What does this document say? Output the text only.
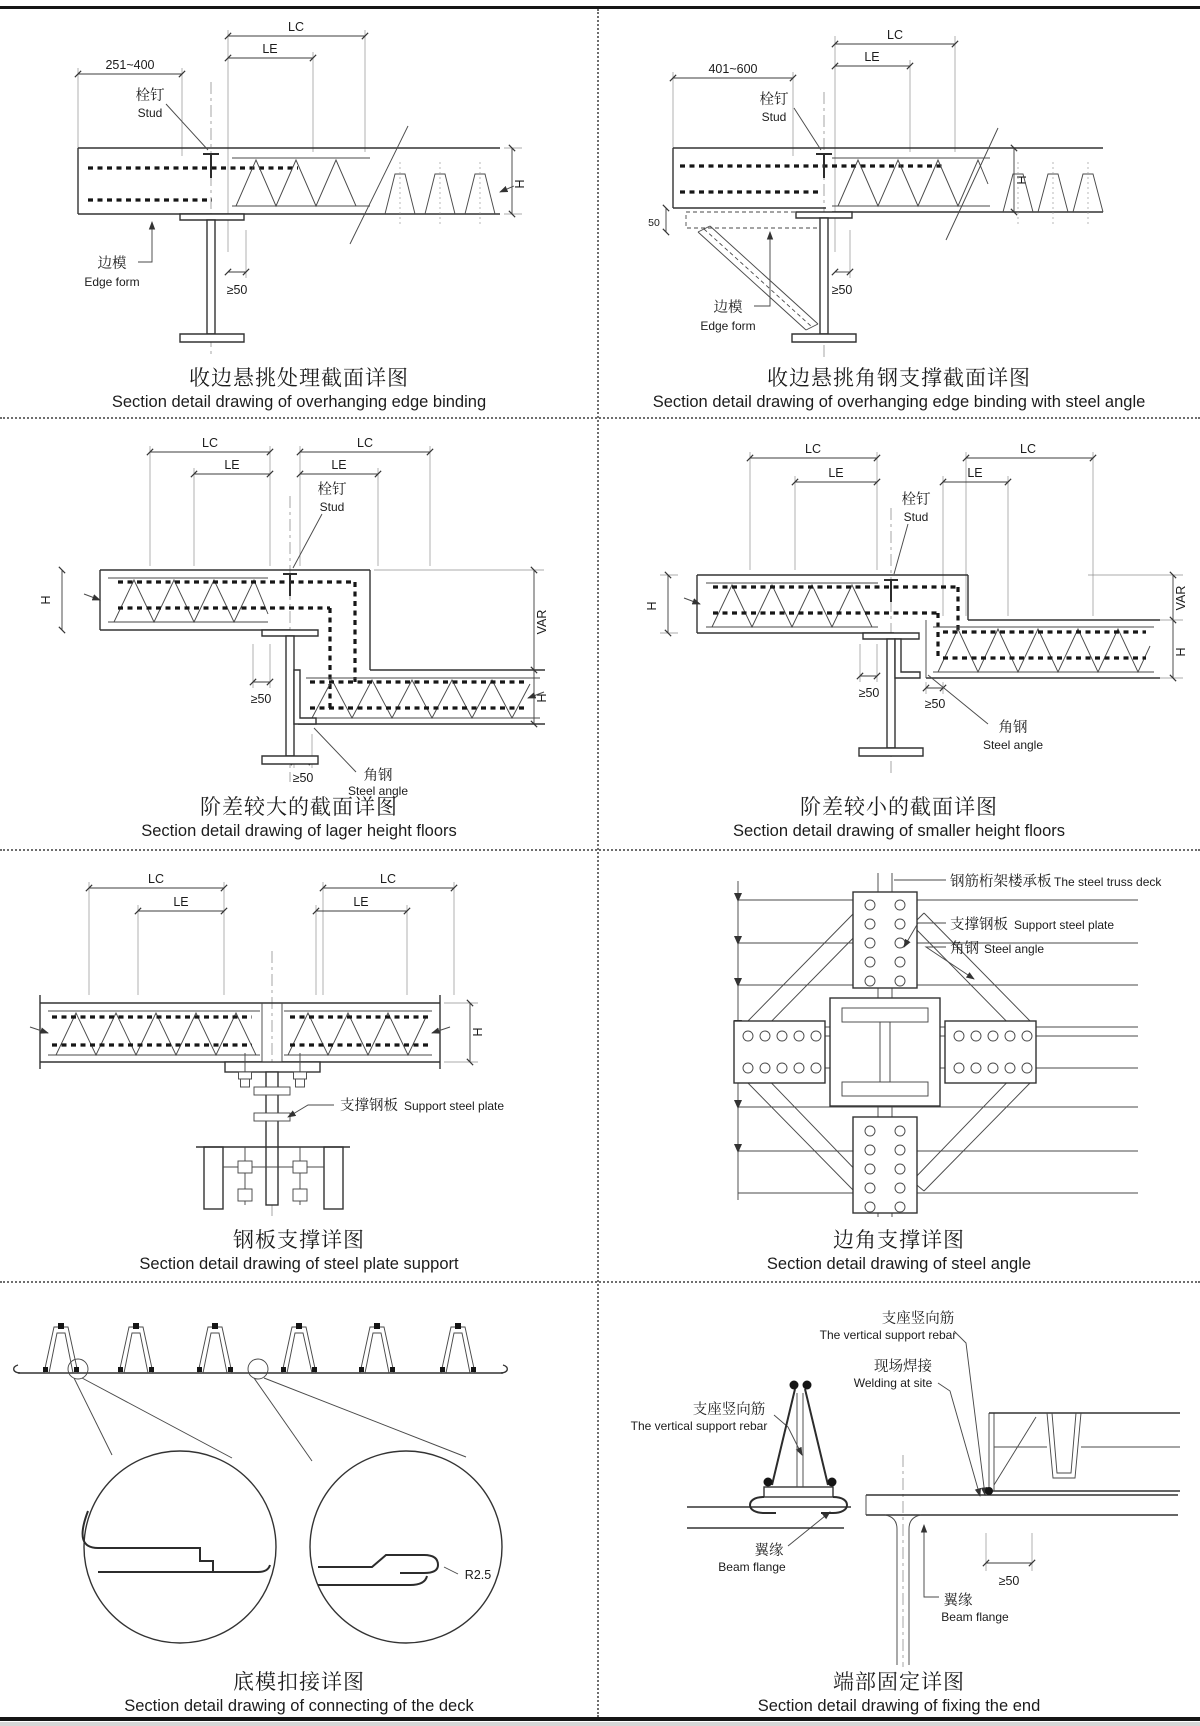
LC
LE
251~400
≥50
H
栓钉
Stud
边模
Edge form
LC
LE
401~600
50
≥50
H
栓钉
Stud
边模
Edge form
LC
LE
LC
LE
H
VAR
H
≥50
≥50
栓钉
Stud
角钢
Steel angle
LC
LE
LC
LE
H	VAR
H
≥50
≥50
栓钉
Stud
角钢
Steel angle
LC
LE
LC
LE
H
支撑钢板 Support steel plate
钢筋桁架楼承板 The steel truss deck
支撑钢板 Support steel plate
角钢 Steel angle
R2.5
支座竖向筋
The vertical support rebar
现场焊接
Welding at site
支座竖向筋
The vertical support rebar
翼缘
Beam flange
≥50
翼缘
Beam flange
收边悬挑处理截面详图
Section detail drawing of overhanging edge binding
收边悬挑角钢支撑截面详图
Section detail drawing of overhanging edge binding with steel angle
阶差较大的截面详图
Section detail drawing of lager height floors
阶差较小的截面详图
Section detail drawing of smaller height floors
钢板支撑详图
Section detail drawing of steel plate support
边角支撑详图
Section detail drawing of steel angle
底模扣接详图
Section detail drawing of connecting of the deck
端部固定详图
Section detail drawing of fixing the end
